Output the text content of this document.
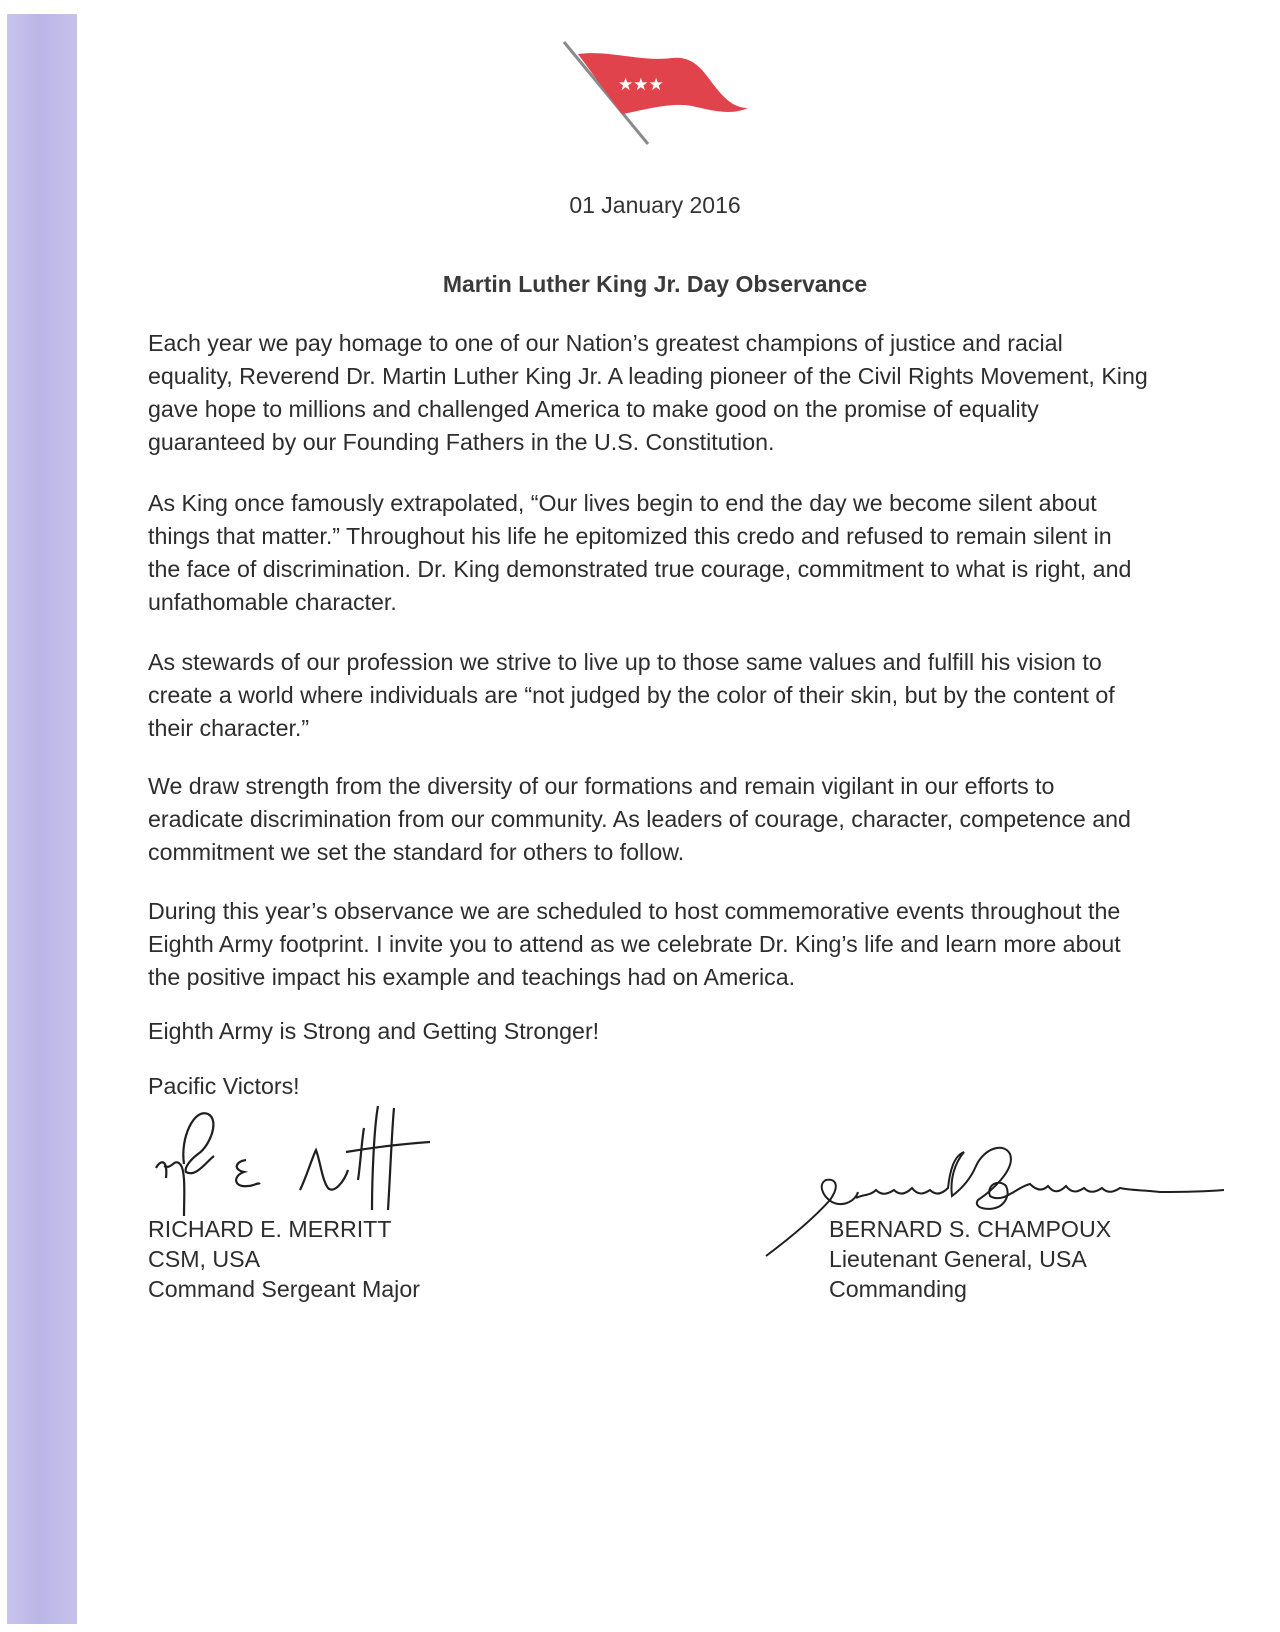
★★★
01 January 2016
Martin Luther King Jr. Day Observance

Each year we pay homage to one of our Nation’s greatest champions of justice and racial equality, Reverend Dr. Martin Luther King Jr. A leading pioneer of the Civil Rights Movement, King gave hope to millions and challenged America to make good on the promise of equality guaranteed by our Founding Fathers in the U.S. Constitution.

As King once famously extrapolated, “Our lives begin to end the day we become silent about things that matter.” Throughout his life he epitomized this credo and refused to remain silent in the face of discrimination. Dr. King demonstrated true courage, commitment to what is right, and unfathomable character.

As stewards of our profession we strive to live up to those same values and fulfill his vision to create a world where individuals are “not judged by the color of their skin, but by the content of their character.”

We draw strength from the diversity of our formations and remain vigilant in our efforts to eradicate discrimination from our community. As leaders of courage, character, competence and commitment we set the standard for others to follow.

During this year’s observance we are scheduled to host commemorative events throughout the Eighth Army footprint. I invite you to attend as we celebrate Dr. King’s life and learn more about the positive impact his example and teachings had on America.

Eighth Army is Strong and Getting Stronger!
Pacific Victors!
RICHARD E. MERRITT
CSM, USA
Command Sergeant Major
BERNARD S. CHAMPOUX
Lieutenant General, USA
Commanding
